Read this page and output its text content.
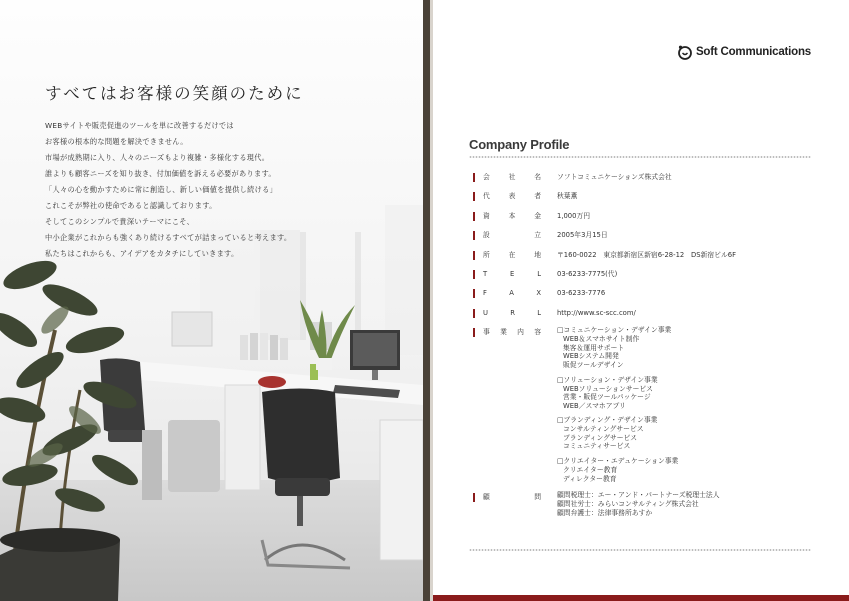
すべてはお客様の笑顔のために

WEBサイトや販売促進のツールを単に改善するだけでは

お客様の根本的な問題を解決できません。

市場が成熟期に入り、人々のニーズもより複雑・多様化する現代。

誰よりも顧客ニーズを知り抜き、付加価値を訴える必要があります。

「人々の心を動かすために常に創造し、新しい価値を提供し続ける」

これこそが弊社の使命であると認識しております。

そしてこのシンプルで貴深いテーマにこそ、

中小企業がこれからも強くあり続けるすべてが詰まっていると考えます。

私たちはこれからも、アイデアをカタチにしていきます。

Soft Communications
Company Profile
会	社	名 ソフトコミュニケーションズ株式会社
代	表	者 秋葉薫
資	本	金 1,000万円
設	立 2005年3月15日
所	在	地 〒160-0022　東京都新宿区新宿6-28-12　DS新宿ビル6F
T	E	L 03-6233-7775(代)
F	A	X 03-6233-7776
U	R	L http://www.sc-scc.com/
事 業 内 容 □コミュニケーション・デザイン事業
WEB＆スマホサイト制作
集客＆運用サポート
WEBシステム開発
販促ツールデザイン
□ソリューション・デザイン事業
WEBソリューションサービス
営業・販促ツールパッケージ
WEB／スマホアプリ
□ブランディング・デザイン事業
コンサルティングサービス
ブランディングサービス
コミュニティサービス
□クリエイター・エデュケーション事業
クリエイター教育
ディレクター教育
顧	問 顧問税理士：エー・アンド・パートナーズ税理士法人
顧問社労士：みらいコンサルティング株式会社
顧問弁護士：法律事務所あすか
